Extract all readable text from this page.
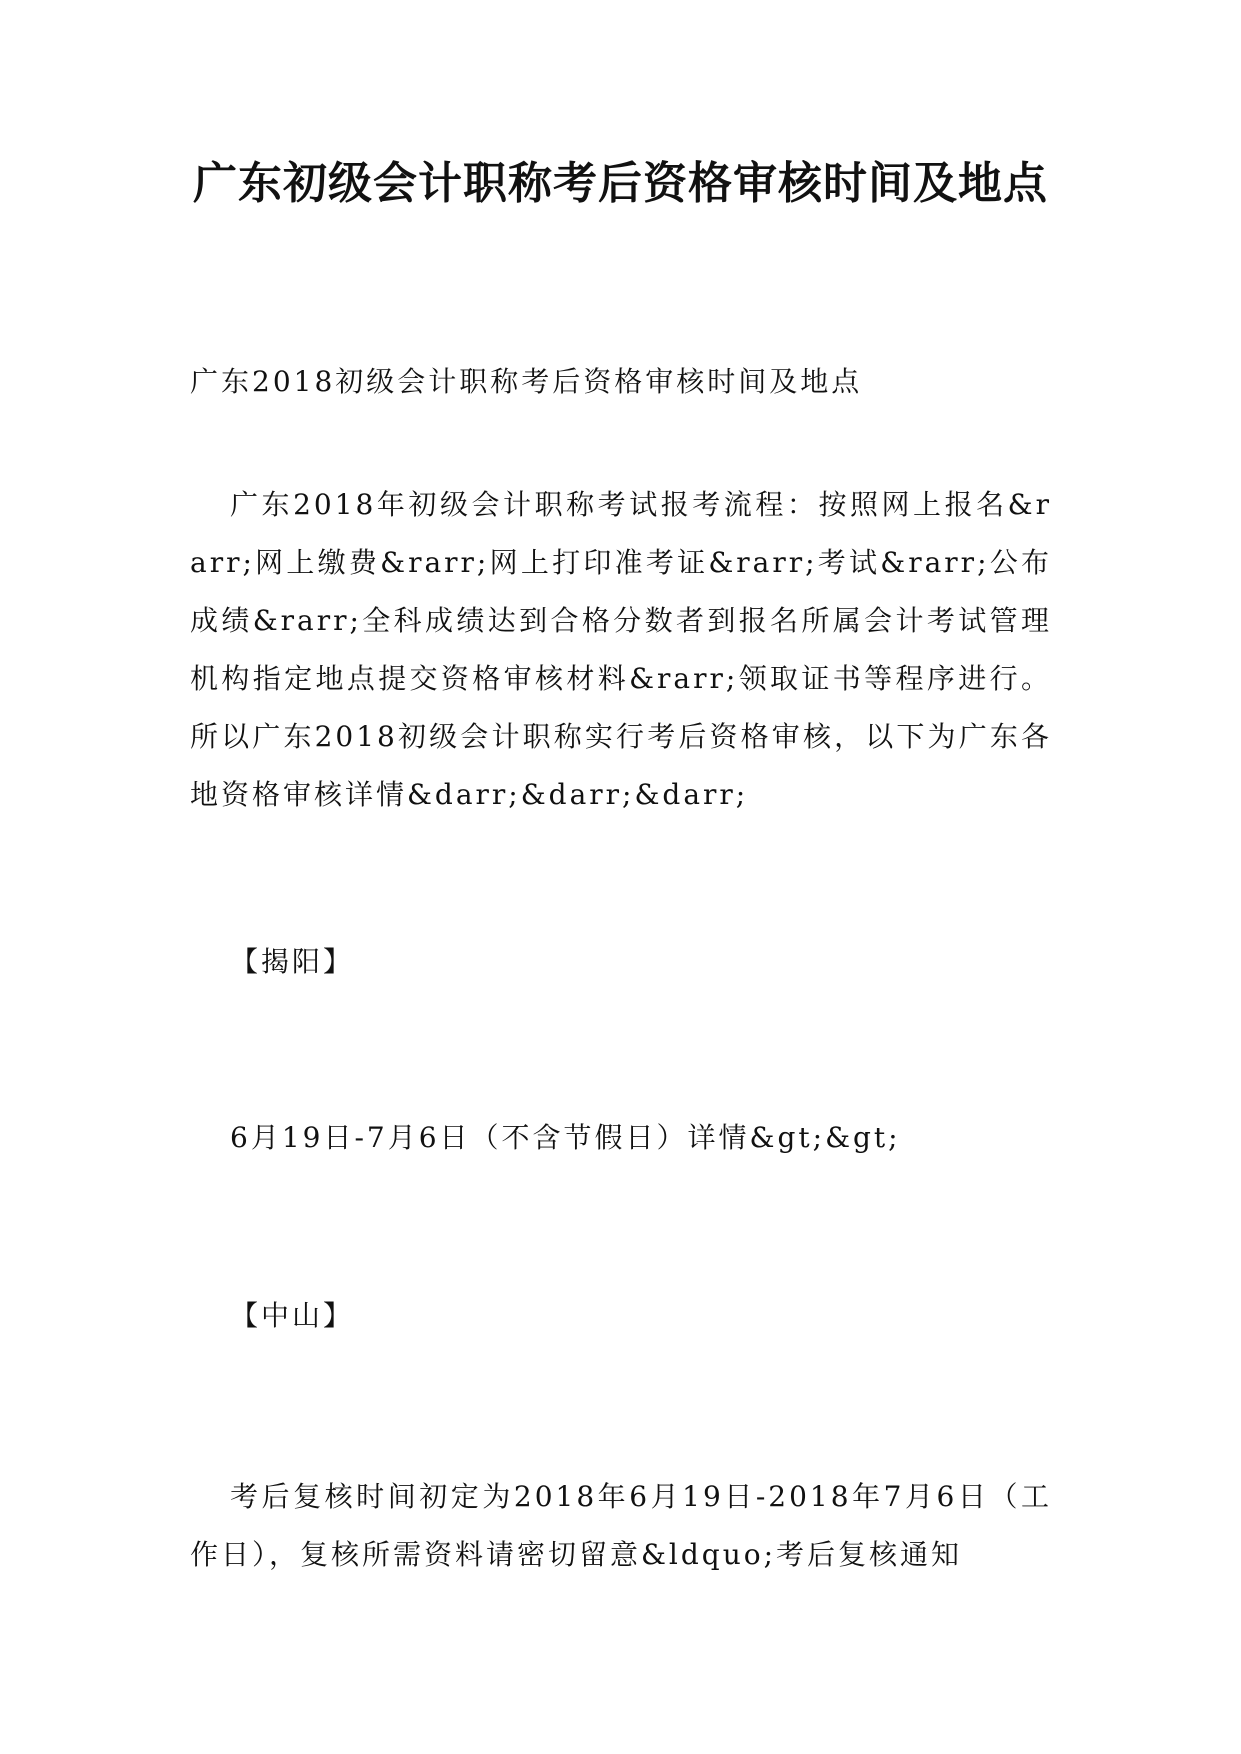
广东初级会计职称考后资格审核时间及地点

广东2018初级会计职称考后资格审核时间及地点

广东2018年初级会计职称考试报考流程：按照网上报名&rarr;网上缴费&rarr;网上打印准考证&rarr;考试&rarr;公布成绩&rarr;全科成绩达到合格分数者到报名所属会计考试管理机构指定地点提交资格审核材料&rarr;领取证书等程序进行。所以广东2018初级会计职称实行考后资格审核，以下为广东各地资格审核详情&darr;&darr;&darr;

【揭阳】

6月19日-7月6日（不含节假日）详情&gt;&gt;

【中山】

考后复核时间初定为2018年6月19日-2018年7月6日（工作日），复核所需资料请密切留意&ldquo;考后复核通知
